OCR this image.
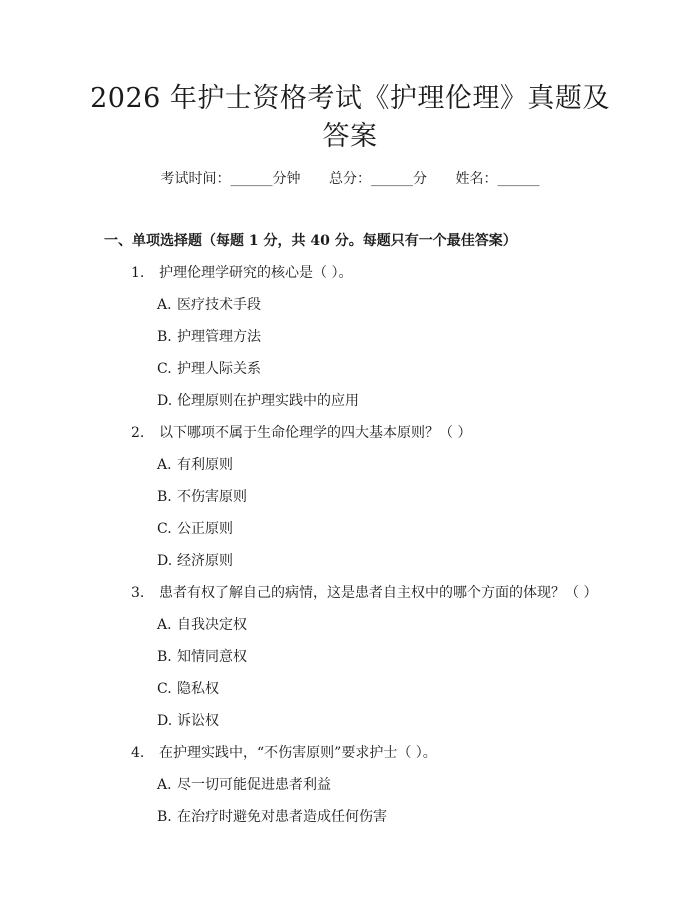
2026 年护士资格考试《护理伦理》真题及答案
考试时间：______分钟 总分：______分 姓名：______
一、单项选择题（每题 1 分，共 40 分。每题只有一个最佳答案）
1. 护理伦理学研究的核心是（ ）。
A. 医疗技术手段
B. 护理管理方法
C. 护理人际关系
D. 伦理原则在护理实践中的应用
2. 以下哪项不属于生命伦理学的四大基本原则？（ ）
A. 有利原则
B. 不伤害原则
C. 公正原则
D. 经济原则
3. 患者有权了解自己的病情，这是患者自主权中的哪个方面的体现？（ ）
A. 自我决定权
B. 知情同意权
C. 隐私权
D. 诉讼权
4. 在护理实践中，“不伤害原则”要求护士（ ）。
A. 尽一切可能促进患者利益
B. 在治疗时避免对患者造成任何伤害
